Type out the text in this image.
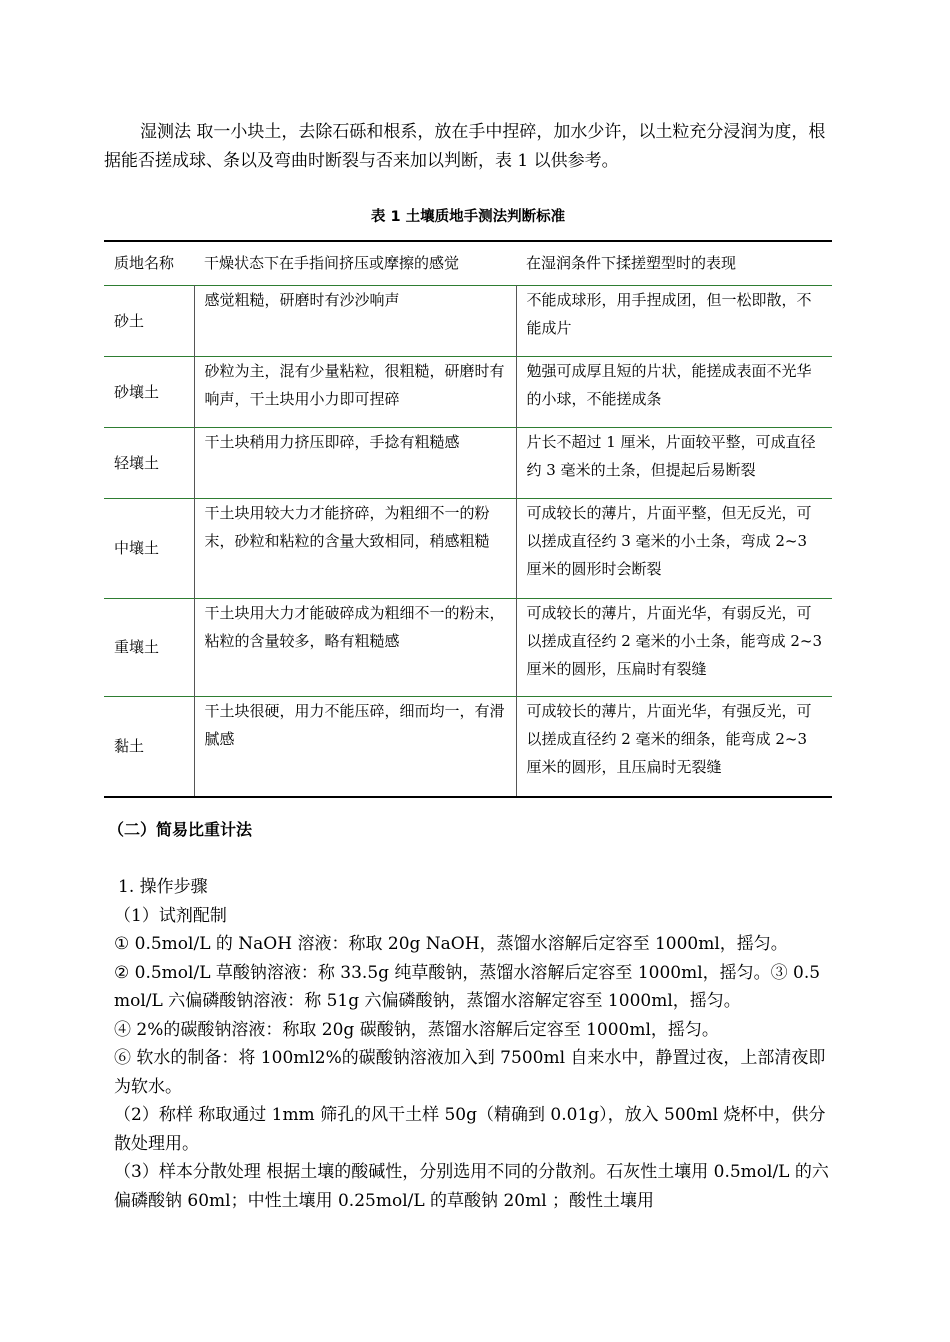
湿测法 取一小块土，去除石砾和根系，放在手中捏碎，加水少许，以土粒充分浸润为度，根据能否搓成球、条以及弯曲时断裂与否来加以判断，表 1 以供参考。

表 1 土壤质地手测法判断标准
质地名称	干燥状态下在手指间挤压或摩擦的感觉	在湿润条件下揉搓塑型时的表现
砂土	感觉粗糙，研磨时有沙沙响声	不能成球形，用手捏成团，但一松即散，不能成片
砂壤土	砂粒为主，混有少量粘粒，很粗糙，研磨时有响声，干土块用小力即可捏碎	勉强可成厚且短的片状，能搓成表面不光华的小球，不能搓成条
轻壤土	干土块稍用力挤压即碎，手捻有粗糙感	片长不超过 1 厘米，片面较平整，可成直径约 3 毫米的土条，但提起后易断裂
中壤土	干土块用较大力才能挤碎，为粗细不一的粉末，砂粒和粘粒的含量大致相同，稍感粗糙	可成较长的薄片，片面平整，但无反光，可以搓成直径约 3 毫米的小土条，弯成 2~3 厘米的圆形时会断裂
重壤土	干土块用大力才能破碎成为粗细不一的粉末，粘粒的含量较多，略有粗糙感	可成较长的薄片，片面光华，有弱反光，可以搓成直径约 2 毫米的小土条，能弯成 2~3 厘米的圆形，压扁时有裂缝
黏土	干土块很硬，用力不能压碎，细而均一，有滑腻感	可成较长的薄片，片面光华，有强反光，可以搓成直径约 2 毫米的细条，能弯成 2~3 厘米的圆形，且压扁时无裂缝
（二）简易比重计法

1. 操作步骤

（1）试剂配制

① 0.5mol/L 的 NaOH 溶液：称取 20g NaOH，蒸馏水溶解后定容至 1000ml，摇匀。

② 0.5mol/L 草酸钠溶液：称 33.5g 纯草酸钠，蒸馏水溶解后定容至 1000ml，摇匀。③ 0.5 mol/L 六偏磷酸钠溶液：称 51g 六偏磷酸钠，蒸馏水溶解定容至 1000ml，摇匀。

④ 2%的碳酸钠溶液：称取 20g 碳酸钠，蒸馏水溶解后定容至 1000ml，摇匀。

⑥ 软水的制备：将 100ml2%的碳酸钠溶液加入到 7500ml 自来水中，静置过夜，上部清夜即为软水。

（2）称样 称取通过 1mm 筛孔的风干土样 50g（精确到 0.01g），放入 500ml 烧杯中，供分散处理用。

（3）样本分散处理 根据土壤的酸碱性，分别选用不同的分散剂。石灰性土壤用 0.5mol/L 的六偏磷酸钠 60ml；中性土壤用 0.25mol/L 的草酸钠 20ml ；酸性土壤用
